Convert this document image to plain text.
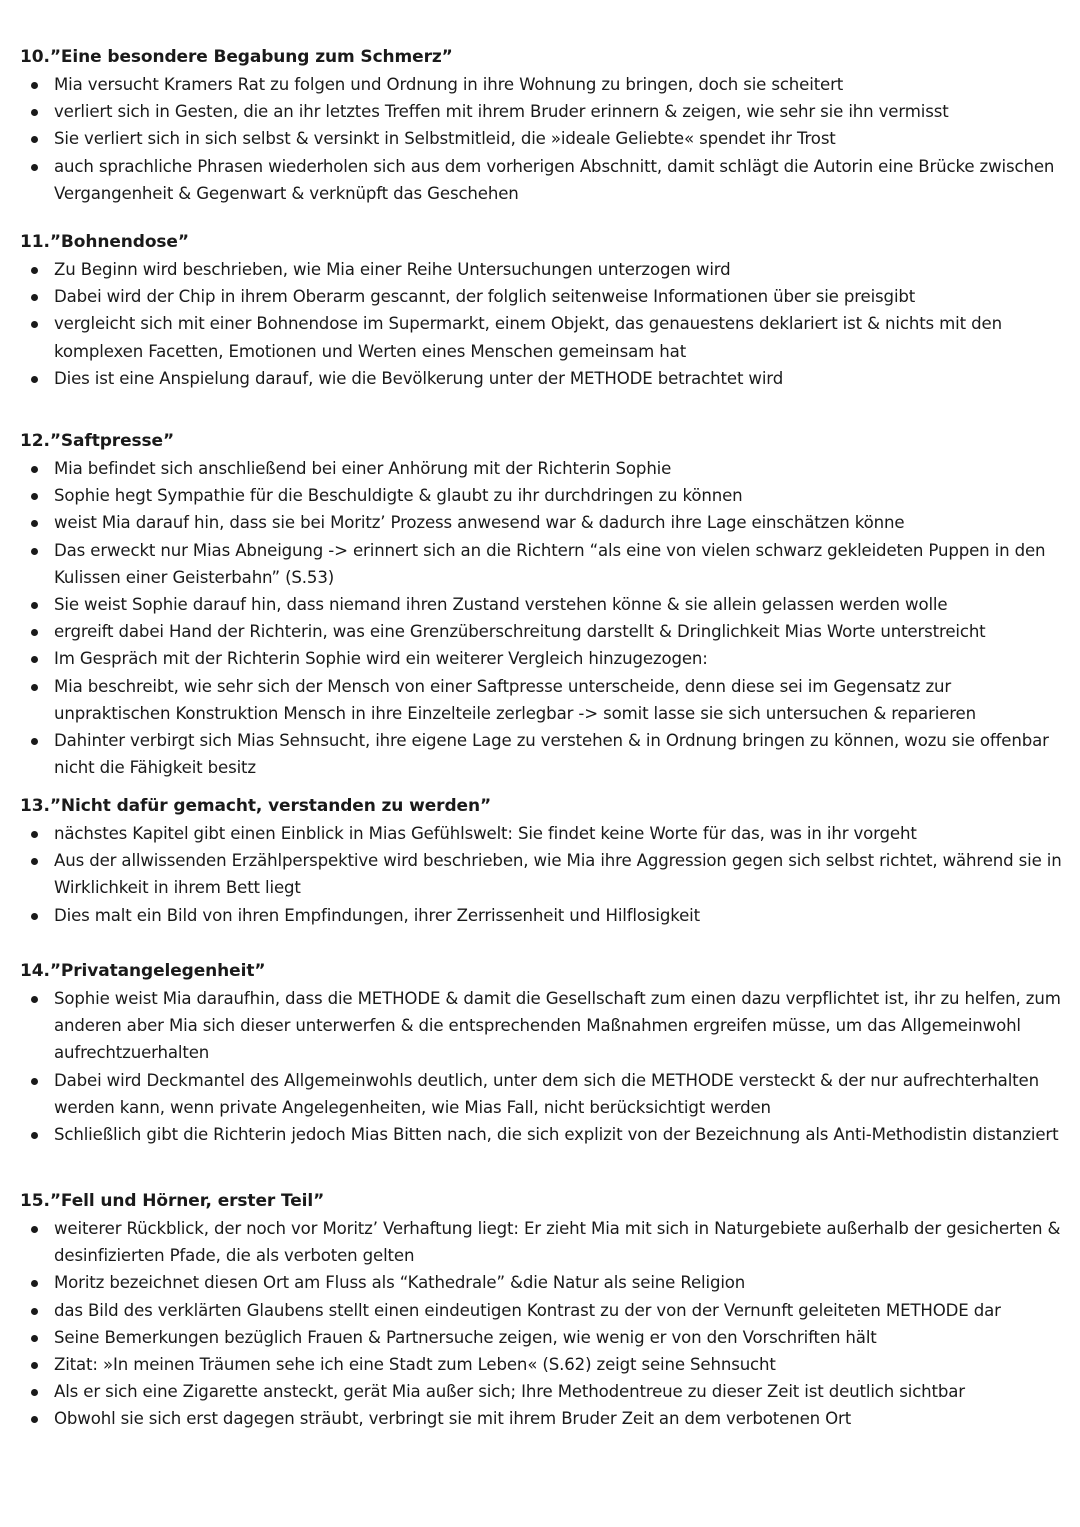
10.”Eine besondere Begabung zum Schmerz”
Mia versucht Kramers Rat zu folgen und Ordnung in ihre Wohnung zu bringen, doch sie scheitert
verliert sich in Gesten, die an ihr letztes Treffen mit ihrem Bruder erinnern & zeigen, wie sehr sie ihn vermisst
Sie verliert sich in sich selbst & versinkt in Selbstmitleid, die »ideale Geliebte« spendet ihr Trost
auch sprachliche Phrasen wiederholen sich aus dem vorherigen Abschnitt, damit schlägt die Autorin eine Brücke zwischen Vergangenheit & Gegenwart & verknüpft das Geschehen
11.”Bohnendose”
Zu Beginn wird beschrieben, wie Mia einer Reihe Untersuchungen unterzogen wird
Dabei wird der Chip in ihrem Oberarm gescannt, der folglich seitenweise Informationen über sie preisgibt
vergleicht sich mit einer Bohnendose im Supermarkt, einem Objekt, das genauestens deklariert ist & nichts mit den komplexen Facetten, Emotionen und Werten eines Menschen gemeinsam hat
Dies ist eine Anspielung darauf, wie die Bevölkerung unter der METHODE betrachtet wird
12.”Saftpresse”
Mia befindet sich anschließend bei einer Anhörung mit der Richterin Sophie
Sophie hegt Sympathie für die Beschuldigte & glaubt zu ihr durchdringen zu können
weist Mia darauf hin, dass sie bei Moritz’ Prozess anwesend war & dadurch ihre Lage einschätzen könne
Das erweckt nur Mias Abneigung -> erinnert sich an die Richtern “als eine von vielen schwarz gekleideten Puppen in den Kulissen einer Geisterbahn” (S.53)
Sie weist Sophie darauf hin, dass niemand ihren Zustand verstehen könne & sie allein gelassen werden wolle
ergreift dabei Hand der Richterin, was eine Grenzüberschreitung darstellt & Dringlichkeit Mias Worte unterstreicht
Im Gespräch mit der Richterin Sophie wird ein weiterer Vergleich hinzugezogen:
Mia beschreibt, wie sehr sich der Mensch von einer Saftpresse unterscheide, denn diese sei im Gegensatz zur unpraktischen Konstruktion Mensch in ihre Einzelteile zerlegbar -> somit lasse sie sich untersuchen & reparieren
Dahinter verbirgt sich Mias Sehnsucht, ihre eigene Lage zu verstehen & in Ordnung bringen zu können, wozu sie offenbar nicht die Fähigkeit besitz
13.”Nicht dafür gemacht, verstanden zu werden”
nächstes Kapitel gibt einen Einblick in Mias Gefühlswelt: Sie findet keine Worte für das, was in ihr vorgeht
Aus der allwissenden Erzählperspektive wird beschrieben, wie Mia ihre Aggression gegen sich selbst richtet, während sie in Wirklichkeit in ihrem Bett liegt
Dies malt ein Bild von ihren Empfindungen, ihrer Zerrissenheit und Hilflosigkeit
14.”Privatangelegenheit”
Sophie weist Mia daraufhin, dass die METHODE & damit die Gesellschaft zum einen dazu verpflichtet ist, ihr zu helfen, zum anderen aber Mia sich dieser unterwerfen & die entsprechenden Maßnahmen ergreifen müsse, um das Allgemeinwohl aufrechtzuerhalten
Dabei wird Deckmantel des Allgemeinwohls deutlich, unter dem sich die METHODE versteckt & der nur aufrechterhalten werden kann, wenn private Angelegenheiten, wie Mias Fall, nicht berücksichtigt werden
Schließlich gibt die Richterin jedoch Mias Bitten nach, die sich explizit von der Bezeichnung als Anti-Methodistin distanziert
15.”Fell und Hörner, erster Teil”
weiterer Rückblick, der noch vor Moritz’ Verhaftung liegt: Er zieht Mia mit sich in Naturgebiete außerhalb der gesicherten & desinfizierten Pfade, die als verboten gelten
Moritz bezeichnet diesen Ort am Fluss als “Kathedrale” &die Natur als seine Religion
das Bild des verklärten Glaubens stellt einen eindeutigen Kontrast zu der von der Vernunft geleiteten METHODE dar
Seine Bemerkungen bezüglich Frauen & Partnersuche zeigen, wie wenig er von den Vorschriften hält
Zitat: »In meinen Träumen sehe ich eine Stadt zum Leben« (S.62) zeigt seine Sehnsucht
Als er sich eine Zigarette ansteckt, gerät Mia außer sich; Ihre Methodentreue zu dieser Zeit ist deutlich sichtbar
Obwohl sie sich erst dagegen sträubt, verbringt sie mit ihrem Bruder Zeit an dem verbotenen Ort
